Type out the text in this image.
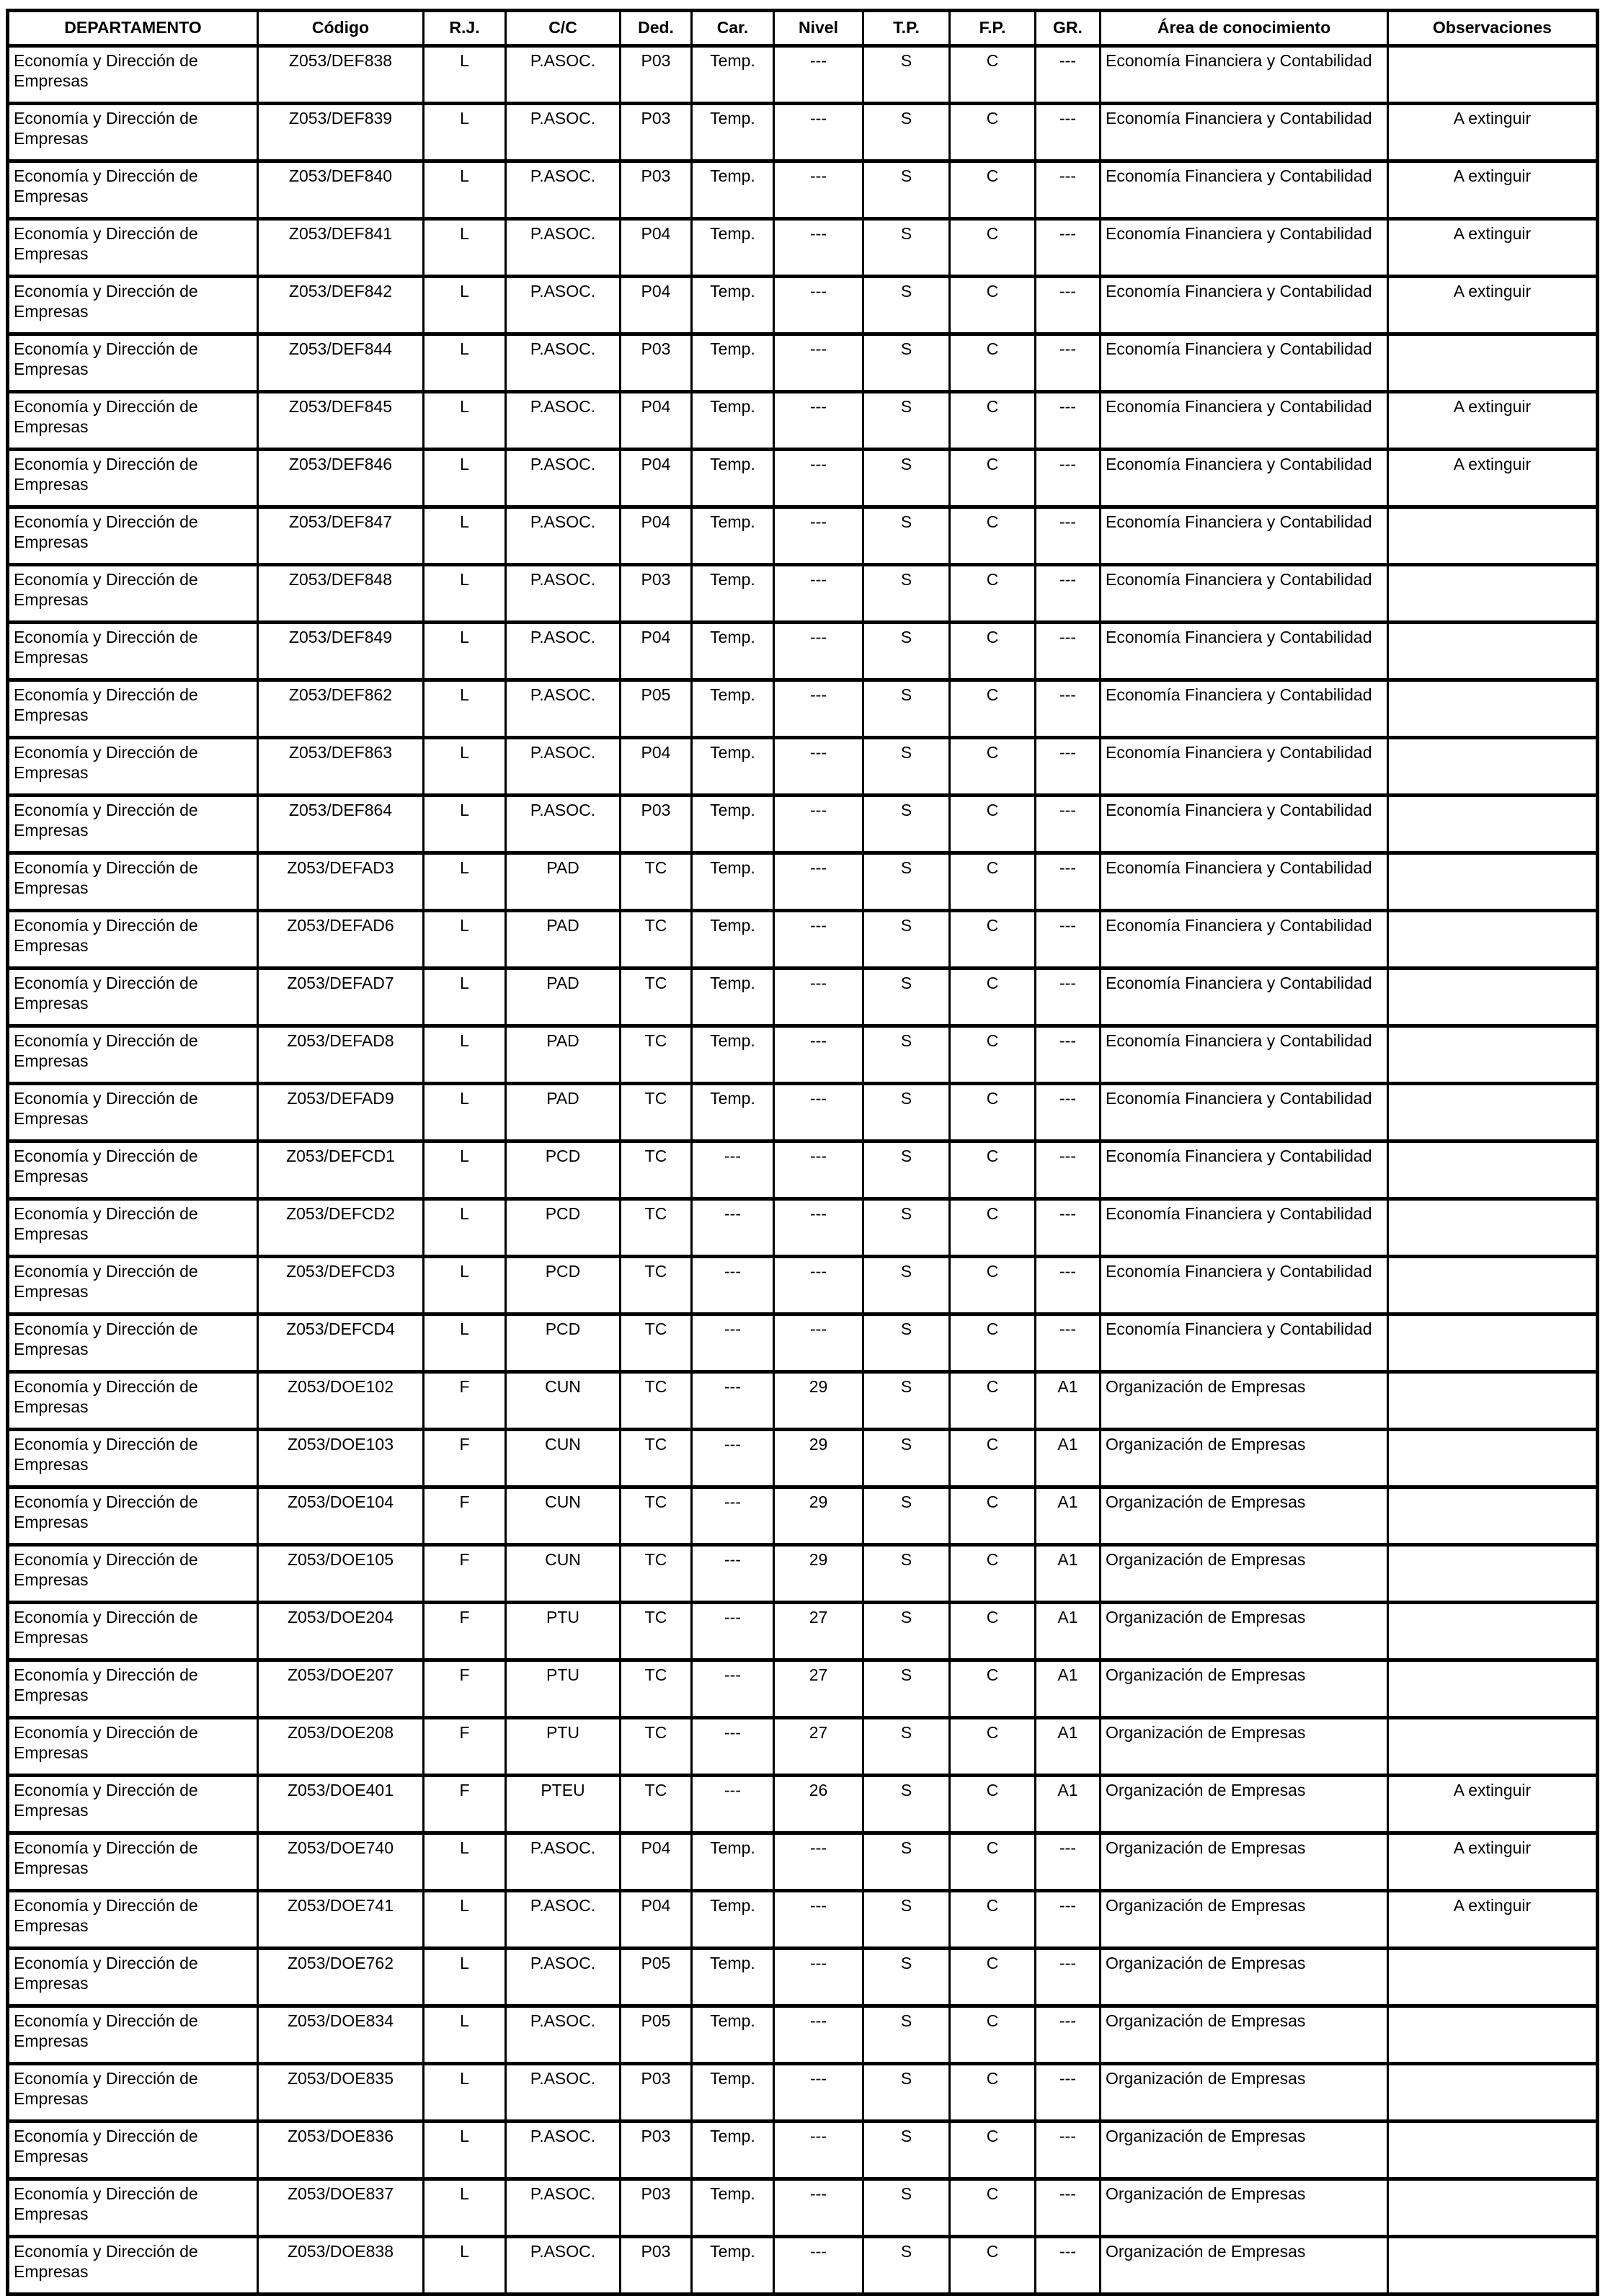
DEPARTAMENTO	Código	R.J.	C/C	Ded.	Car.	Nivel	T.P.	F.P.	GR.	Área de conocimiento	Observaciones
Economía y Dirección de Empresas	Z053/DEF838	L	P.ASOC.	P03	Temp.	---	S	C	---	Economía Financiera y Contabilidad	
Economía y Dirección de Empresas	Z053/DEF839	L	P.ASOC.	P03	Temp.	---	S	C	---	Economía Financiera y Contabilidad	A extinguir
Economía y Dirección de Empresas	Z053/DEF840	L	P.ASOC.	P03	Temp.	---	S	C	---	Economía Financiera y Contabilidad	A extinguir
Economía y Dirección de Empresas	Z053/DEF841	L	P.ASOC.	P04	Temp.	---	S	C	---	Economía Financiera y Contabilidad	A extinguir
Economía y Dirección de Empresas	Z053/DEF842	L	P.ASOC.	P04	Temp.	---	S	C	---	Economía Financiera y Contabilidad	A extinguir
Economía y Dirección de Empresas	Z053/DEF844	L	P.ASOC.	P03	Temp.	---	S	C	---	Economía Financiera y Contabilidad	
Economía y Dirección de Empresas	Z053/DEF845	L	P.ASOC.	P04	Temp.	---	S	C	---	Economía Financiera y Contabilidad	A extinguir
Economía y Dirección de Empresas	Z053/DEF846	L	P.ASOC.	P04	Temp.	---	S	C	---	Economía Financiera y Contabilidad	A extinguir
Economía y Dirección de Empresas	Z053/DEF847	L	P.ASOC.	P04	Temp.	---	S	C	---	Economía Financiera y Contabilidad	
Economía y Dirección de Empresas	Z053/DEF848	L	P.ASOC.	P03	Temp.	---	S	C	---	Economía Financiera y Contabilidad	
Economía y Dirección de Empresas	Z053/DEF849	L	P.ASOC.	P04	Temp.	---	S	C	---	Economía Financiera y Contabilidad	
Economía y Dirección de Empresas	Z053/DEF862	L	P.ASOC.	P05	Temp.	---	S	C	---	Economía Financiera y Contabilidad	
Economía y Dirección de Empresas	Z053/DEF863	L	P.ASOC.	P04	Temp.	---	S	C	---	Economía Financiera y Contabilidad	
Economía y Dirección de Empresas	Z053/DEF864	L	P.ASOC.	P03	Temp.	---	S	C	---	Economía Financiera y Contabilidad	
Economía y Dirección de Empresas	Z053/DEFAD3	L	PAD	TC	Temp.	---	S	C	---	Economía Financiera y Contabilidad	
Economía y Dirección de Empresas	Z053/DEFAD6	L	PAD	TC	Temp.	---	S	C	---	Economía Financiera y Contabilidad	
Economía y Dirección de Empresas	Z053/DEFAD7	L	PAD	TC	Temp.	---	S	C	---	Economía Financiera y Contabilidad	
Economía y Dirección de Empresas	Z053/DEFAD8	L	PAD	TC	Temp.	---	S	C	---	Economía Financiera y Contabilidad	
Economía y Dirección de Empresas	Z053/DEFAD9	L	PAD	TC	Temp.	---	S	C	---	Economía Financiera y Contabilidad	
Economía y Dirección de Empresas	Z053/DEFCD1	L	PCD	TC	---	---	S	C	---	Economía Financiera y Contabilidad	
Economía y Dirección de Empresas	Z053/DEFCD2	L	PCD	TC	---	---	S	C	---	Economía Financiera y Contabilidad	
Economía y Dirección de Empresas	Z053/DEFCD3	L	PCD	TC	---	---	S	C	---	Economía Financiera y Contabilidad	
Economía y Dirección de Empresas	Z053/DEFCD4	L	PCD	TC	---	---	S	C	---	Economía Financiera y Contabilidad	
Economía y Dirección de Empresas	Z053/DOE102	F	CUN	TC	---	29	S	C	A1	Organización de Empresas	
Economía y Dirección de Empresas	Z053/DOE103	F	CUN	TC	---	29	S	C	A1	Organización de Empresas	
Economía y Dirección de Empresas	Z053/DOE104	F	CUN	TC	---	29	S	C	A1	Organización de Empresas	
Economía y Dirección de Empresas	Z053/DOE105	F	CUN	TC	---	29	S	C	A1	Organización de Empresas	
Economía y Dirección de Empresas	Z053/DOE204	F	PTU	TC	---	27	S	C	A1	Organización de Empresas	
Economía y Dirección de Empresas	Z053/DOE207	F	PTU	TC	---	27	S	C	A1	Organización de Empresas	
Economía y Dirección de Empresas	Z053/DOE208	F	PTU	TC	---	27	S	C	A1	Organización de Empresas	
Economía y Dirección de Empresas	Z053/DOE401	F	PTEU	TC	---	26	S	C	A1	Organización de Empresas	A extinguir
Economía y Dirección de Empresas	Z053/DOE740	L	P.ASOC.	P04	Temp.	---	S	C	---	Organización de Empresas	A extinguir
Economía y Dirección de Empresas	Z053/DOE741	L	P.ASOC.	P04	Temp.	---	S	C	---	Organización de Empresas	A extinguir
Economía y Dirección de Empresas	Z053/DOE762	L	P.ASOC.	P05	Temp.	---	S	C	---	Organización de Empresas	
Economía y Dirección de Empresas	Z053/DOE834	L	P.ASOC.	P05	Temp.	---	S	C	---	Organización de Empresas	
Economía y Dirección de Empresas	Z053/DOE835	L	P.ASOC.	P03	Temp.	---	S	C	---	Organización de Empresas	
Economía y Dirección de Empresas	Z053/DOE836	L	P.ASOC.	P03	Temp.	---	S	C	---	Organización de Empresas	
Economía y Dirección de Empresas	Z053/DOE837	L	P.ASOC.	P03	Temp.	---	S	C	---	Organización de Empresas	
Economía y Dirección de Empresas	Z053/DOE838	L	P.ASOC.	P03	Temp.	---	S	C	---	Organización de Empresas	
